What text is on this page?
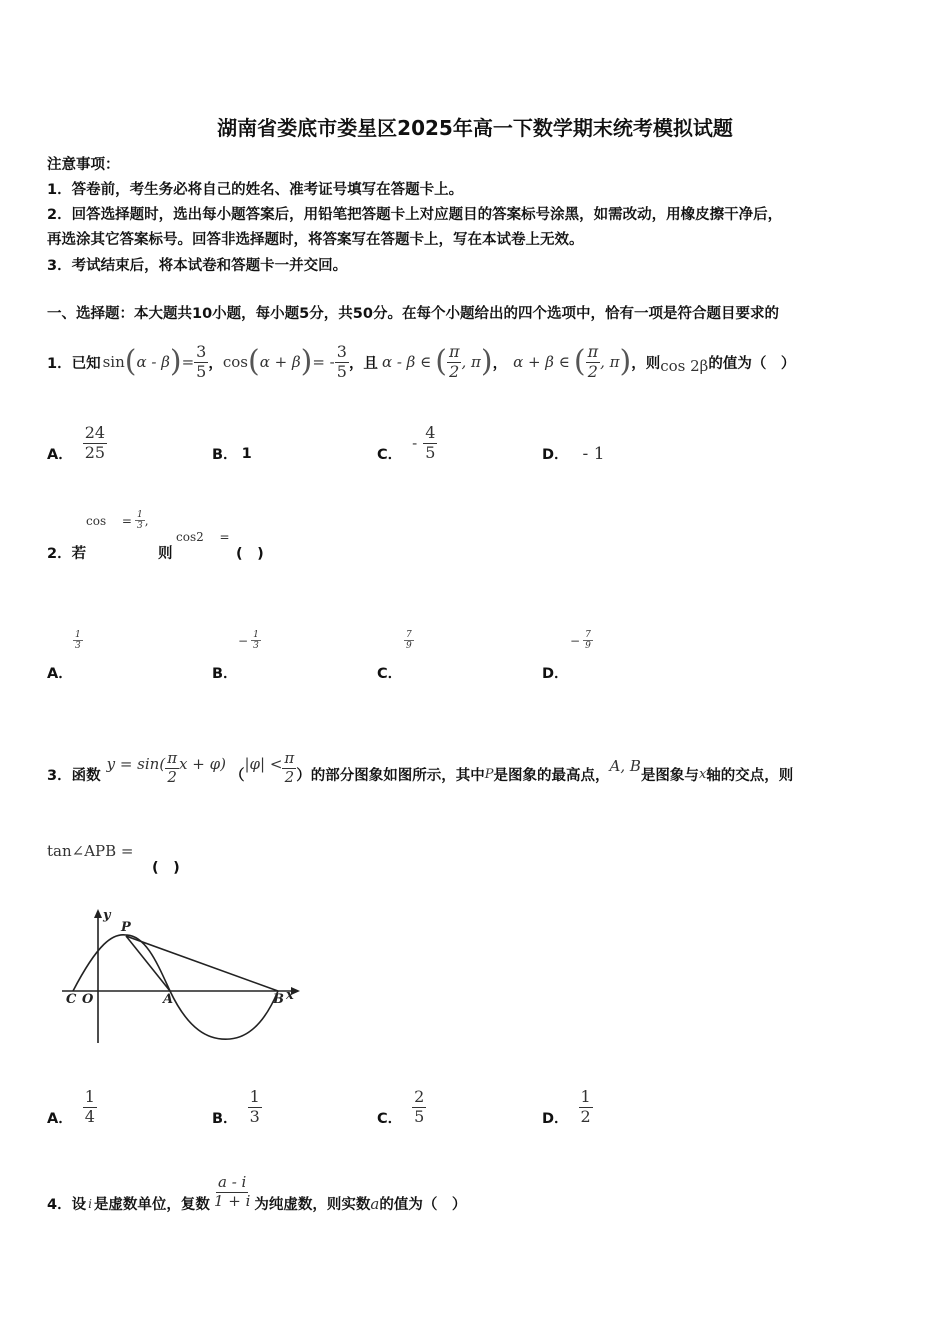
湖南省娄底市娄星区2025年高一下数学期末统考模拟试题
注意事项：
1．答卷前，考生务必将自己的姓名、准考证号填写在答题卡上。
2．回答选择题时，选出每小题答案后，用铅笔把答题卡上对应题目的答案标号涂黑，如需改动，用橡皮擦干净后，
再选涂其它答案标号。回答非选择题时，将答案写在答题卡上，写在本试卷上无效。
3．考试结束后，将本试卷和答题卡一并交回。
一、选择题：本大题共10小题，每小题5分，共50分。在每个小题给出的四个选项中，恰有一项是符合题目要求的
1．已知 sin ( α - β ) = $\frac{3}{5}$ ， cos ( α + β ) = - $\frac{3}{5}$ ，且 α - β ∈ ( $\frac{\pi}{2}$ , π ) ， α + β ∈ ( $\frac{\pi}{2}$ , π ) ，则 cos 2β 的值为（　）
A． $\frac{24}{25}$	B． 1	C．
- $\frac{4}{5}$	D． - 1
2．若
cos  = $\frac{1}{3}$ ,
则
cos2  =
(　)
A．
$\frac{1}{3}$
B．
− $\frac{1}{3}$
C．
$\frac{7}{9}$
D．
− $\frac{7}{9}$
3．函数
$y = \sin( \frac{\pi}{2}$ x + φ)
（
$|\varphi| < \frac{\pi}{2}$ ）的部分图象如图所示，其中 P 是图象的最高点，
A, B
是图象与 x 轴的交点，则
tan∠APB =
(　)
y
P
C O	A	B x
A． $\frac{1}{4}$	B． $\frac{1}{3}$	C． $\frac{2}{5}$	D． $\frac{1}{2}$
4．设 i 是虚数单位，复数 $\frac{a - i}{1 + i}$ 为纯虚数，则实数 a 的值为（　）
